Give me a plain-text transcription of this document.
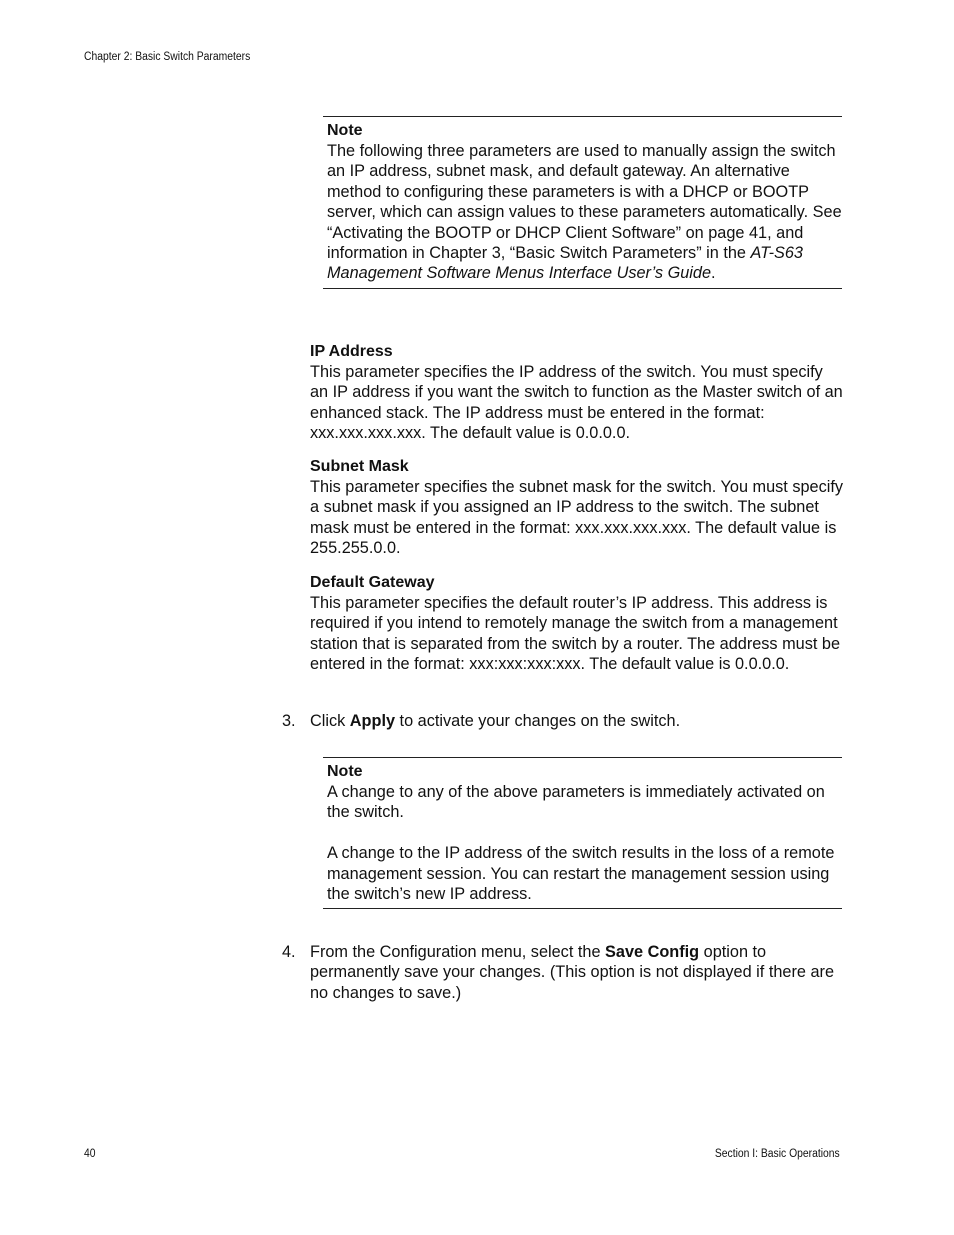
Chapter 2: Basic Switch Parameters
Note

The following three parameters are used to manually assign the switch an IP address, subnet mask, and default gateway. An alternative method to configuring these parameters is with a DHCP or BOOTP server, which can assign values to these parameters automatically. See “Activating the BOOTP or DHCP Client Software” on page 41, and information in Chapter 3, “Basic Switch Parameters” in the AT-S63 Management Software Menus Interface User’s Guide.

IP Address

This parameter specifies the IP address of the switch. You must specify an IP address if you want the switch to function as the Master switch of an enhanced stack. The IP address must be entered in the format: xxx.xxx.xxx.xxx. The default value is 0.0.0.0.

Subnet Mask

This parameter specifies the subnet mask for the switch. You must specify a subnet mask if you assigned an IP address to the switch. The subnet mask must be entered in the format: xxx.xxx.xxx.xxx. The default value is 255.255.0.0.

Default Gateway

This parameter specifies the default router’s IP address. This address is required if you intend to remotely manage the switch from a management station that is separated from the switch by a router. The address must be entered in the format: xxx:xxx:xxx:xxx. The default value is 0.0.0.0.

3. Click Apply to activate your changes on the switch.
Note

A change to any of the above parameters is immediately activated on the switch.

A change to the IP address of the switch results in the loss of a remote management session. You can restart the management session using the switch’s new IP address.

4. From the Configuration menu, select the Save Config option to permanently save your changes. (This option is not displayed if there are no changes to save.)
40	Section I: Basic Operations
